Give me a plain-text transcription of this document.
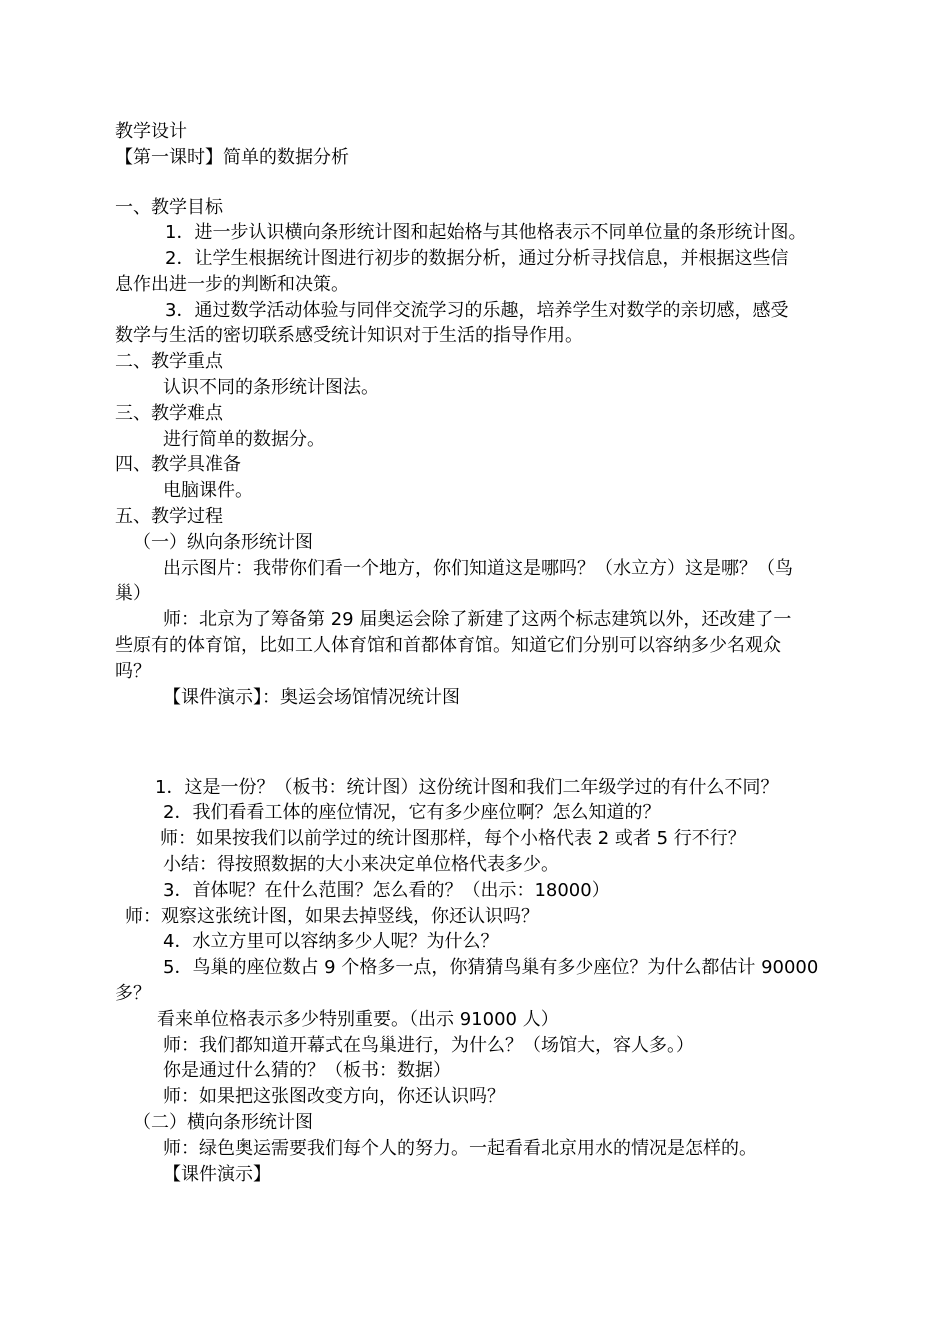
教学设计
【第一课时】简单的数据分析
一、教学目标
1．进一步认识横向条形统计图和起始格与其他格表示不同单位量的条形统计图。
2．让学生根据统计图进行初步的数据分析，通过分析寻找信息，并根据这些信
息作出进一步的判断和决策。
3．通过数学活动体验与同伴交流学习的乐趣，培养学生对数学的亲切感，感受
数学与生活的密切联系感受统计知识对于生活的指导作用。
二、教学重点
认识不同的条形统计图法。
三、教学难点
进行简单的数据分。
四、教学具准备
电脑课件。
五、教学过程
（一）纵向条形统计图
出示图片：我带你们看一个地方，你们知道这是哪吗？（水立方）这是哪？（鸟
巢）
师：北京为了筹备第 29 届奥运会除了新建了这两个标志建筑以外，还改建了一
些原有的体育馆，比如工人体育馆和首都体育馆。知道它们分别可以容纳多少名观众
吗？
【课件演示】：奥运会场馆情况统计图
1．这是一份？（板书：统计图）这份统计图和我们二年级学过的有什么不同？
2．我们看看工体的座位情况，它有多少座位啊？怎么知道的？
师：如果按我们以前学过的统计图那样，每个小格代表 2 或者 5 行不行？
小结：得按照数据的大小来决定单位格代表多少。
3．首体呢？在什么范围？怎么看的？（出示：18000）
师：观察这张统计图，如果去掉竖线，你还认识吗？
4．水立方里可以容纳多少人呢？为什么？
5．鸟巢的座位数占 9 个格多一点，你猜猜鸟巢有多少座位？为什么都估计 90000
多？
看来单位格表示多少特别重要。（出示 91000 人）
师：我们都知道开幕式在鸟巢进行，为什么？（场馆大，容人多。）
你是通过什么猜的？（板书：数据）
师：如果把这张图改变方向，你还认识吗？
（二）横向条形统计图
师：绿色奥运需要我们每个人的努力。一起看看北京用水的情况是怎样的。
【课件演示】
